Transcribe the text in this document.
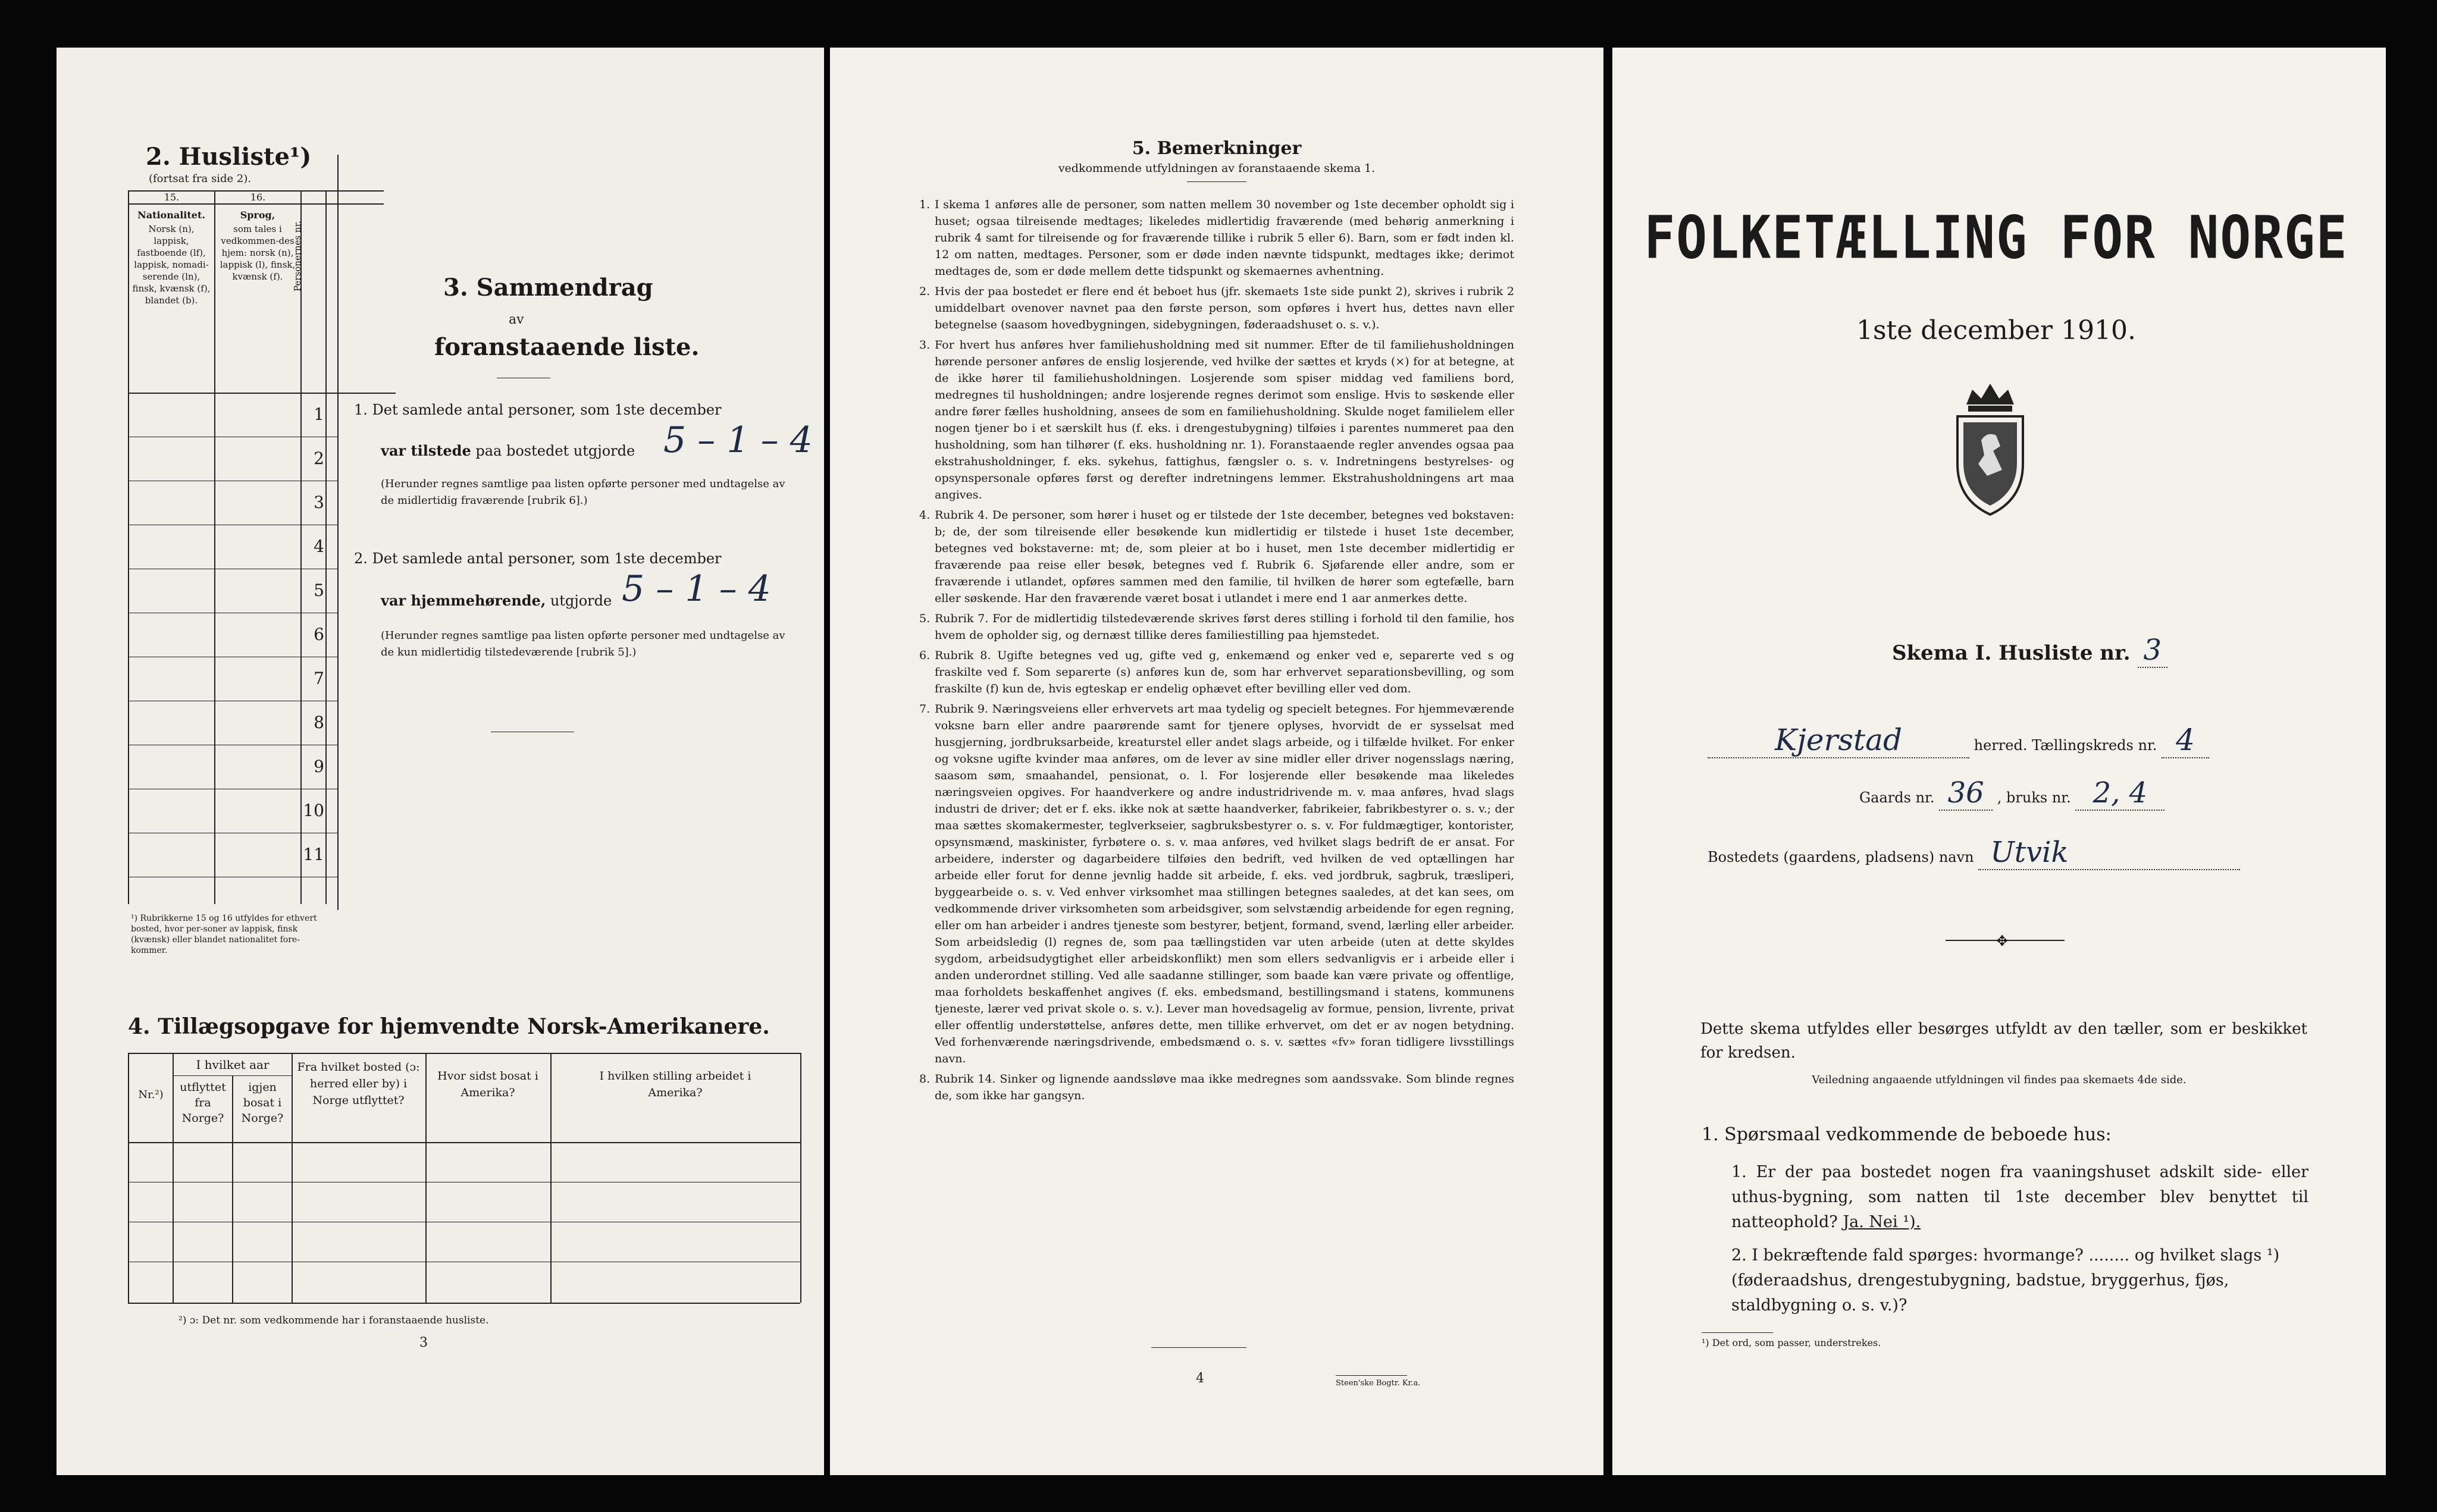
2. Husliste¹)
(fortsat fra side 2).
15.	16.
Nationalitet.
Norsk (n), lappisk, fastboende (lf), lappisk, nomadi-serende (ln), finsk, kvænsk (f), blandet (b).
Sprog,
som tales i vedkommen-des hjem: norsk (n), lappisk (l), finsk, kvænsk (f).	Personernes nr.
1
2
3
4
5
6
7
8
9
10
11
¹) Rubrikkerne 15 og 16 utfyldes for ethvert bosted, hvor per-soner av lappisk, finsk (kvænsk) eller blandet nationalitet fore-kommer.
3. Sammendrag
av
foranstaaende liste.
1. Det samlede antal personer, som 1ste december
var tilstede paa bostedet utgjorde 5 – 1 – 4
(Herunder regnes samtlige paa listen opførte personer med undtagelse av de midlertidig fraværende [rubrik 6].)
2. Det samlede antal personer, som 1ste december
var hjemmehørende, utgjorde 5 – 1 – 4
(Herunder regnes samtlige paa listen opførte personer med undtagelse av de kun midlertidig tilstedeværende [rubrik 5].)
4. Tillægsopgave for hjemvendte Norsk-Amerikanere.
Nr.²)
I hvilket aar
utflyttet fra Norge?
igjen bosat i Norge?
Fra hvilket bosted (ɔ: herred eller by) i Norge utflyttet?
Hvor sidst bosat i Amerika?
I hvilken stilling arbeidet i Amerika?
²) ɔ: Det nr. som vedkommende har i foranstaaende husliste.
3
5. Bemerkninger
vedkommende utfyldningen av foranstaaende skema 1.
1. I skema 1 anføres alle de personer, som natten mellem 30 november og 1ste december opholdt sig i huset; ogsaa tilreisende medtages; likeledes midlertidig fraværende (med behørig anmerkning i rubrik 4 samt for tilreisende og for fraværende tillike i rubrik 5 eller 6). Barn, som er født inden kl. 12 om natten, medtages. Personer, som er døde inden nævnte tidspunkt, medtages ikke; derimot medtages de, som er døde mellem dette tidspunkt og skemaernes avhentning.
2. Hvis der paa bostedet er flere end ét beboet hus (jfr. skemaets 1ste side punkt 2), skrives i rubrik 2 umiddelbart ovenover navnet paa den første person, som opføres i hvert hus, dettes navn eller betegnelse (saasom hovedbygningen, sidebygningen, føderaadshuset o. s. v.).
3. For hvert hus anføres hver familiehusholdning med sit nummer. Efter de til familiehusholdningen hørende personer anføres de enslig losjerende, ved hvilke der sættes et kryds (×) for at betegne, at de ikke hører til familiehusholdningen. Losjerende som spiser middag ved familiens bord, medregnes til husholdningen; andre losjerende regnes derimot som enslige. Hvis to søskende eller andre fører fælles husholdning, ansees de som en familiehusholdning. Skulde noget familielem eller nogen tjener bo i et særskilt hus (f. eks. i drengestubygning) tilføies i parentes nummeret paa den husholdning, som han tilhører (f. eks. husholdning nr. 1). Foranstaaende regler anvendes ogsaa paa ekstrahusholdninger, f. eks. sykehus, fattighus, fængsler o. s. v. Indretningens bestyrelses- og opsynspersonale opføres først og derefter indretningens lemmer. Ekstrahusholdningens art maa angives.
4. Rubrik 4. De personer, som hører i huset og er tilstede der 1ste december, betegnes ved bokstaven: b; de, der som tilreisende eller besøkende kun midlertidig er tilstede i huset 1ste december, betegnes ved bokstaverne: mt; de, som pleier at bo i huset, men 1ste december midlertidig er fraværende paa reise eller besøk, betegnes ved f. Rubrik 6. Sjøfarende eller andre, som er fraværende i utlandet, opføres sammen med den familie, til hvilken de hører som egtefælle, barn eller søskende. Har den fraværende været bosat i utlandet i mere end 1 aar anmerkes dette.
5. Rubrik 7. For de midlertidig tilstedeværende skrives først deres stilling i forhold til den familie, hos hvem de opholder sig, og dernæst tillike deres familiestilling paa hjemstedet.
6. Rubrik 8. Ugifte betegnes ved ug, gifte ved g, enkemænd og enker ved e, separerte ved s og fraskilte ved f. Som separerte (s) anføres kun de, som har erhvervet separationsbevilling, og som fraskilte (f) kun de, hvis egteskap er endelig ophævet efter bevilling eller ved dom.
7. Rubrik 9. Næringsveiens eller erhvervets art maa tydelig og specielt betegnes. For hjemmeværende voksne barn eller andre paarørende samt for tjenere oplyses, hvorvidt de er sysselsat med husgjerning, jordbruksarbeide, kreaturstel eller andet slags arbeide, og i tilfælde hvilket. For enker og voksne ugifte kvinder maa anføres, om de lever av sine midler eller driver nogensslags næring, saasom søm, smaahandel, pensionat, o. l. For losjerende eller besøkende maa likeledes næringsveien opgives. For haandverkere og andre industridrivende m. v. maa anføres, hvad slags industri de driver; det er f. eks. ikke nok at sætte haandverker, fabrikeier, fabrikbestyrer o. s. v.; der maa sættes skomakermester, teglverkseier, sagbruksbestyrer o. s. v. For fuldmægtiger, kontorister, opsynsmænd, maskinister, fyrbøtere o. s. v. maa anføres, ved hvilket slags bedrift de er ansat. For arbeidere, inderster og dagarbeidere tilføies den bedrift, ved hvilken de ved optællingen har arbeide eller forut for denne jevnlig hadde sit arbeide, f. eks. ved jordbruk, sagbruk, træsliperi, byggearbeide o. s. v. Ved enhver virksomhet maa stillingen betegnes saaledes, at det kan sees, om vedkommende driver virksomheten som arbeidsgiver, som selvstændig arbeidende for egen regning, eller om han arbeider i andres tjeneste som bestyrer, betjent, formand, svend, lærling eller arbeider. Som arbeidsledig (l) regnes de, som paa tællingstiden var uten arbeide (uten at dette skyldes sygdom, arbeidsudygtighet eller arbeidskonflikt) men som ellers sedvanligvis er i arbeide eller i anden underordnet stilling. Ved alle saadanne stillinger, som baade kan være private og offentlige, maa forholdets beskaffenhet angives (f. eks. embedsmand, bestillingsmand i statens, kommunens tjeneste, lærer ved privat skole o. s. v.). Lever man hovedsagelig av formue, pension, livrente, privat eller offentlig understøttelse, anføres dette, men tillike erhvervet, om det er av nogen betydning. Ved forhenværende næringsdrivende, embedsmænd o. s. v. sættes «fv» foran tidligere livsstillings navn.
8. Rubrik 14. Sinker og lignende aandssløve maa ikke medregnes som aandssvake. Som blinde regnes de, som ikke har gangsyn.
4	Steen'ske Bogtr. Kr.a.
FOLKETÆLLING FOR NORGE
1ste december 1910.
Skema I. Husliste nr. 3
Kjerstad	herred. Tællingskreds nr. 4
Gaards nr. 36 , bruks nr. 2, 4
Bostedets (gaardens, pladsens) navn Utvik
✥
Dette skema utfyldes eller besørges utfyldt av den tæller, som er beskikket for kredsen.
Veiledning angaaende utfyldningen vil findes paa skemaets 4de side.
1. Spørsmaal vedkommende de beboede hus:
1. Er der paa bostedet nogen fra vaaningshuset adskilt side- eller uthus-bygning, som natten til 1ste december blev benyttet til natteophold? Ja. Nei ¹).
2. I bekræftende fald spørges: hvormange? ........ og hvilket slags ¹) (føderaadshus, drengestubygning, badstue, bryggerhus, fjøs, staldbygning o. s. v.)?
¹) Det ord, som passer, understrekes.
